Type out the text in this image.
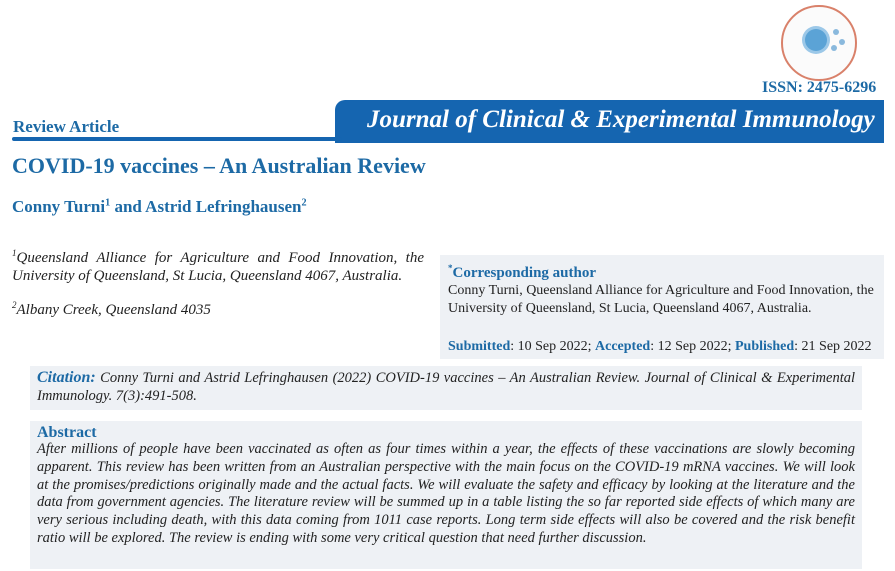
ISSN: 2475-6296
Journal of Clinical & Experimental Immunology
Review Article
COVID-19 vaccines – An Australian Review
Conny Turni$^1$ and Astrid Lefringhausen$^2$
$^1$Queensland Alliance for Agriculture and Food Innovation, the University of Queensland, St Lucia, Queensland 4067, Australia.
$^2$Albany Creek, Queensland 4035
*Corresponding author
Conny Turni, Queensland Alliance for Agriculture and Food Innovation, the University of Queensland, St Lucia, Queensland 4067, Australia.
Submitted: 10 Sep 2022; Accepted: 12 Sep 2022; Published: 21 Sep 2022
Citation: Conny Turni and Astrid Lefringhausen (2022) COVID-19 vaccines – An Australian Review. Journal of Clinical & Experimental Immunology. 7(3):491-508.
Abstract

After millions of people have been vaccinated as often as four times within a year, the effects of these vaccinations are slowly becoming apparent. This review has been written from an Australian perspective with the main focus on the COVID-19 mRNA vaccines. We will look at the promises/predictions originally made and the actual facts. We will evaluate the safety and efficacy by looking at the literature and the data from government agencies. The literature review will be summed up in a table listing the so far reported side effects of which many are very serious including death, with this data coming from 1011 case reports. Long term side effects will also be covered and the risk benefit ratio will be explored. The review is ending with some very critical question that need further discussion.
